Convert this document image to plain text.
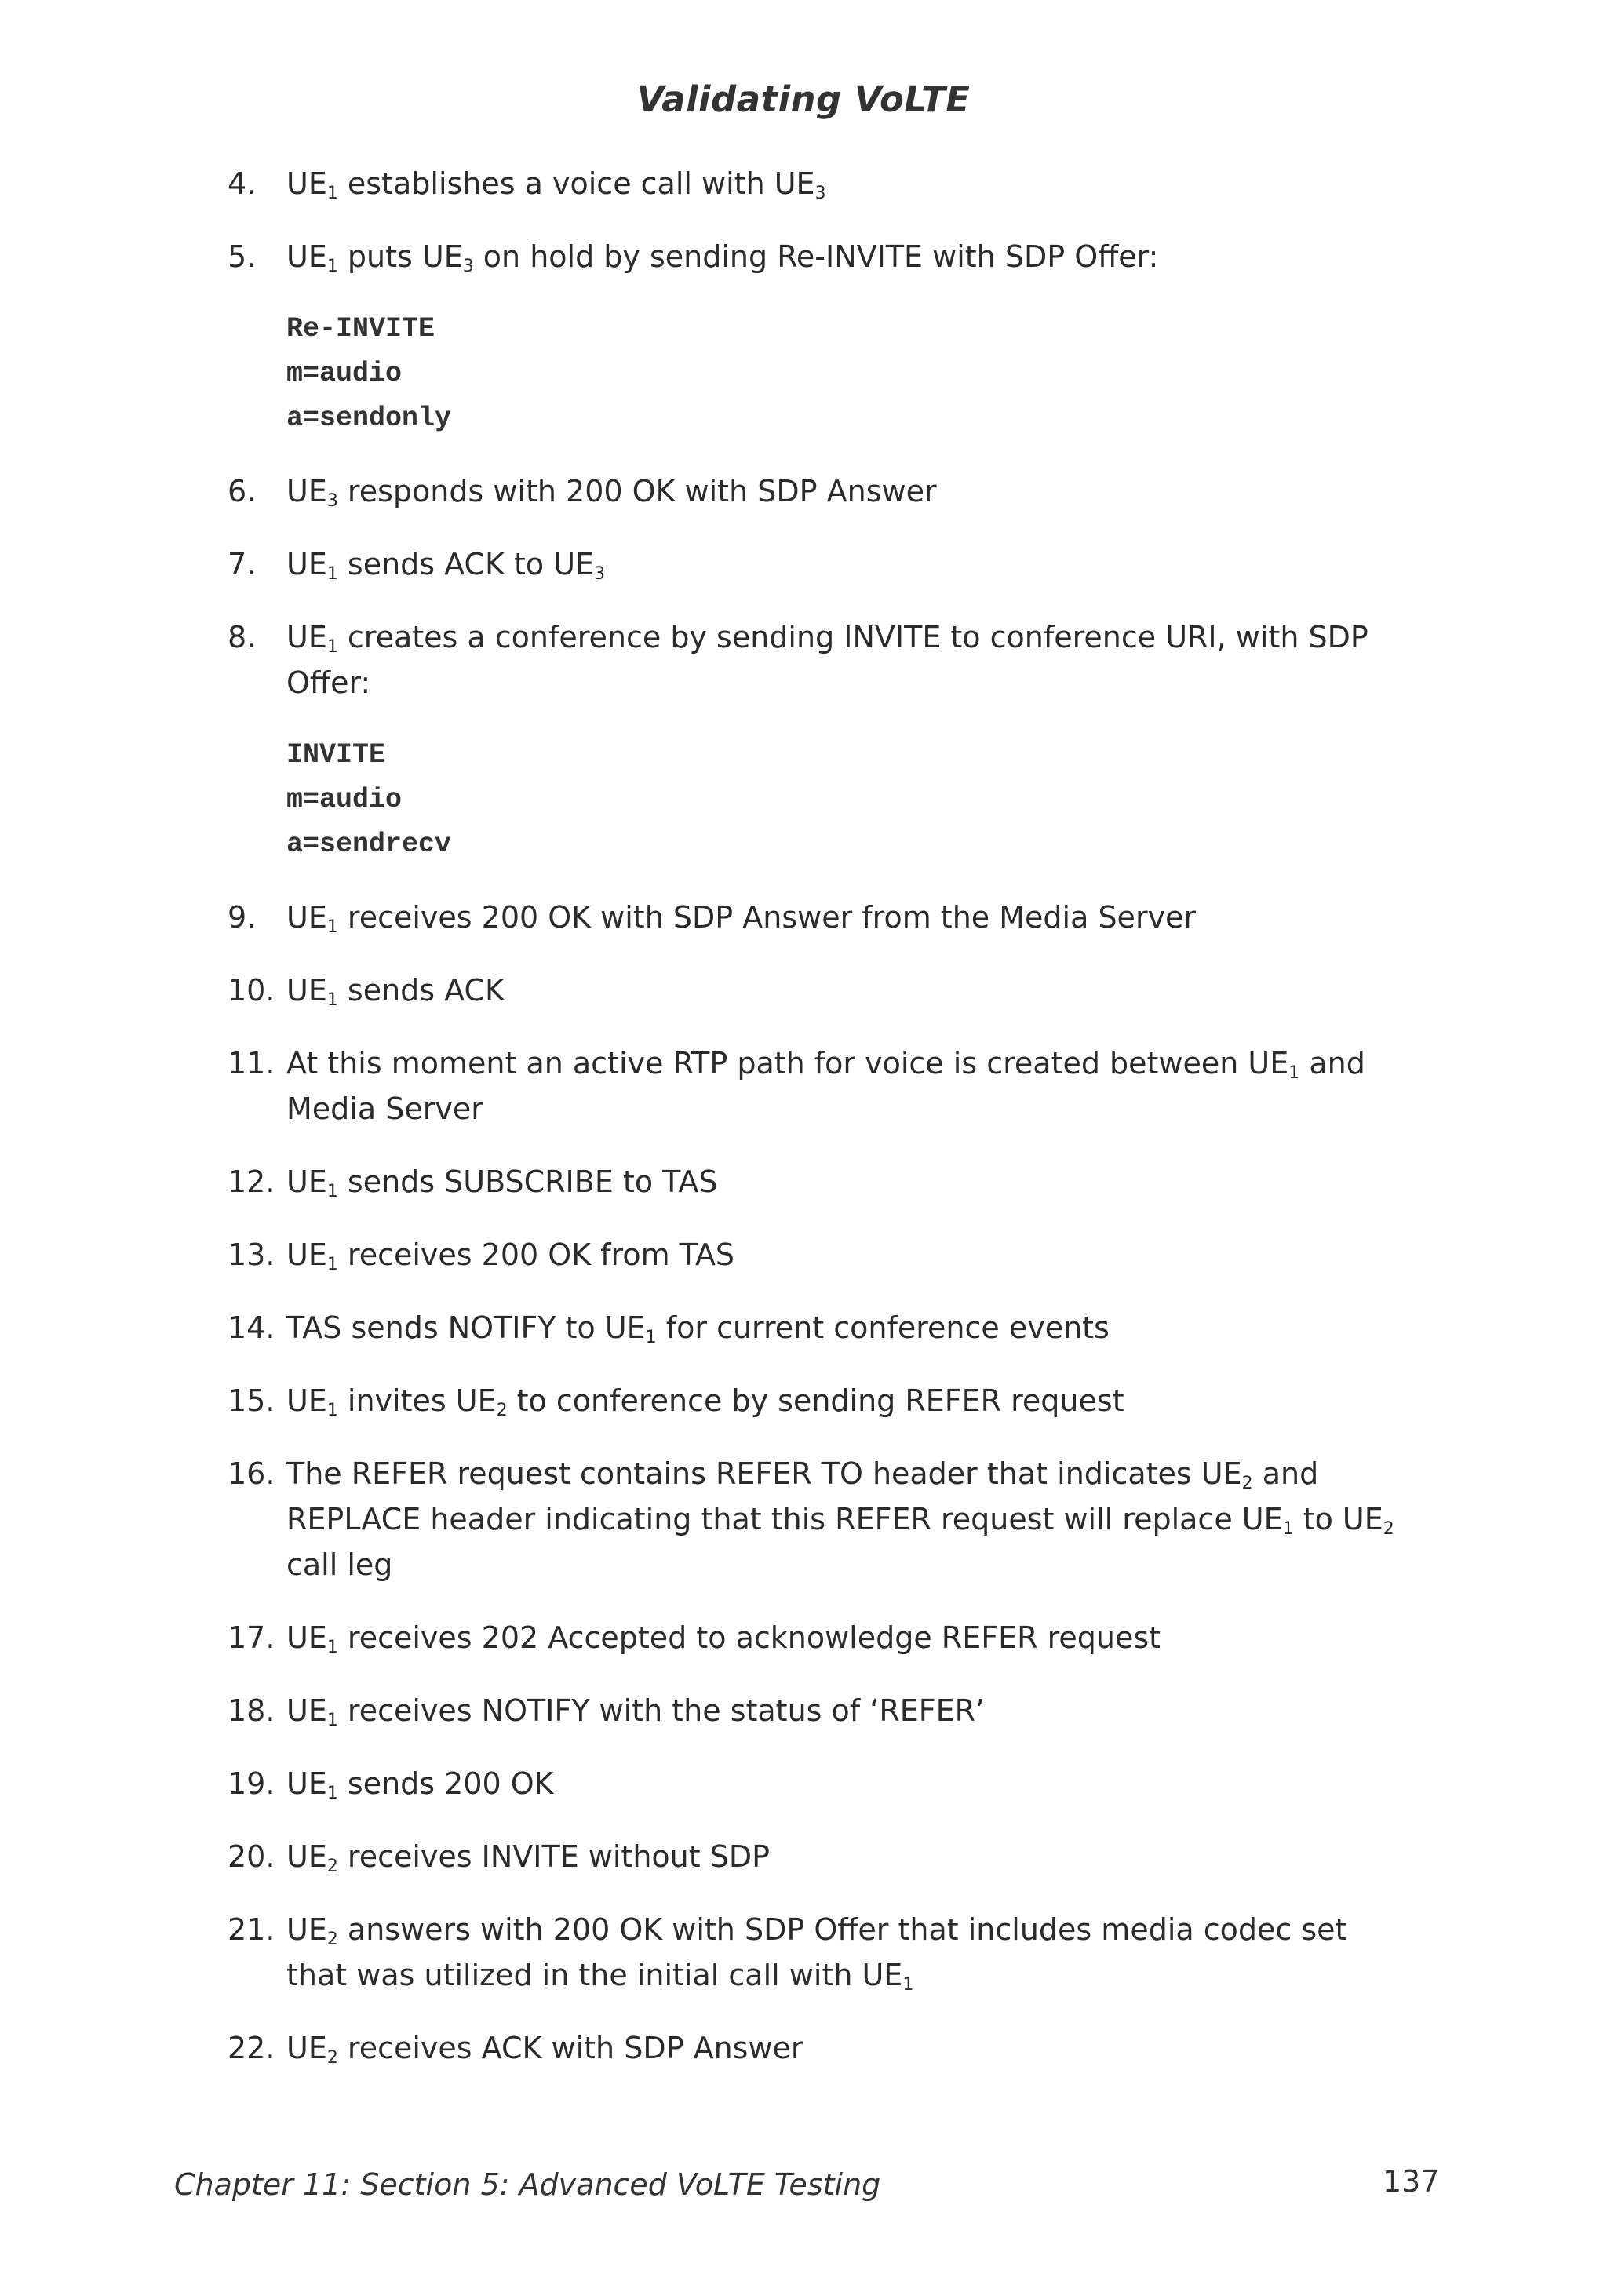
Validating VoLTE
4.	$UE_1$ establishes a voice call with $UE_3$
5.	$UE_1$ puts $UE_3$ on hold by sending Re-INVITE with SDP Offer:
Re-INVITE
m=audio
a=sendonly
6.	$UE_3$ responds with 200 OK with SDP Answer
7.	$UE_1$ sends ACK to $UE_3$
8.	$UE_1$ creates a conference by sending INVITE to conference URI, with SDP Offer:
INVITE
m=audio
a=sendrecv
9.	$UE_1$ receives 200 OK with SDP Answer from the Media Server
10. $UE_1$ sends ACK
11. At this moment an active RTP path for voice is created between $UE_1$ and Media Server
12. $UE_1$ sends SUBSCRIBE to TAS
13. $UE_1$ receives 200 OK from TAS
14. TAS sends NOTIFY to $UE_1$ for current conference events
15. $UE_1$ invites $UE_2$ to conference by sending REFER request
16. The REFER request contains REFER TO header that indicates $UE_2$ and REPLACE header indicating that this REFER request will replace $UE_1$ to $UE_2$ call leg
17. $UE_1$ receives 202 Accepted to acknowledge REFER request
18. $UE_1$ receives NOTIFY with the status of ‘REFER’
19. $UE_1$ sends 200 OK
20. $UE_2$ receives INVITE without SDP
21. $UE_2$ answers with 200 OK with SDP Offer that includes media codec set that was utilized in the initial call with $UE_1$
22. $UE_2$ receives ACK with SDP Answer
Chapter 11: Section 5: Advanced VoLTE Testing	137
